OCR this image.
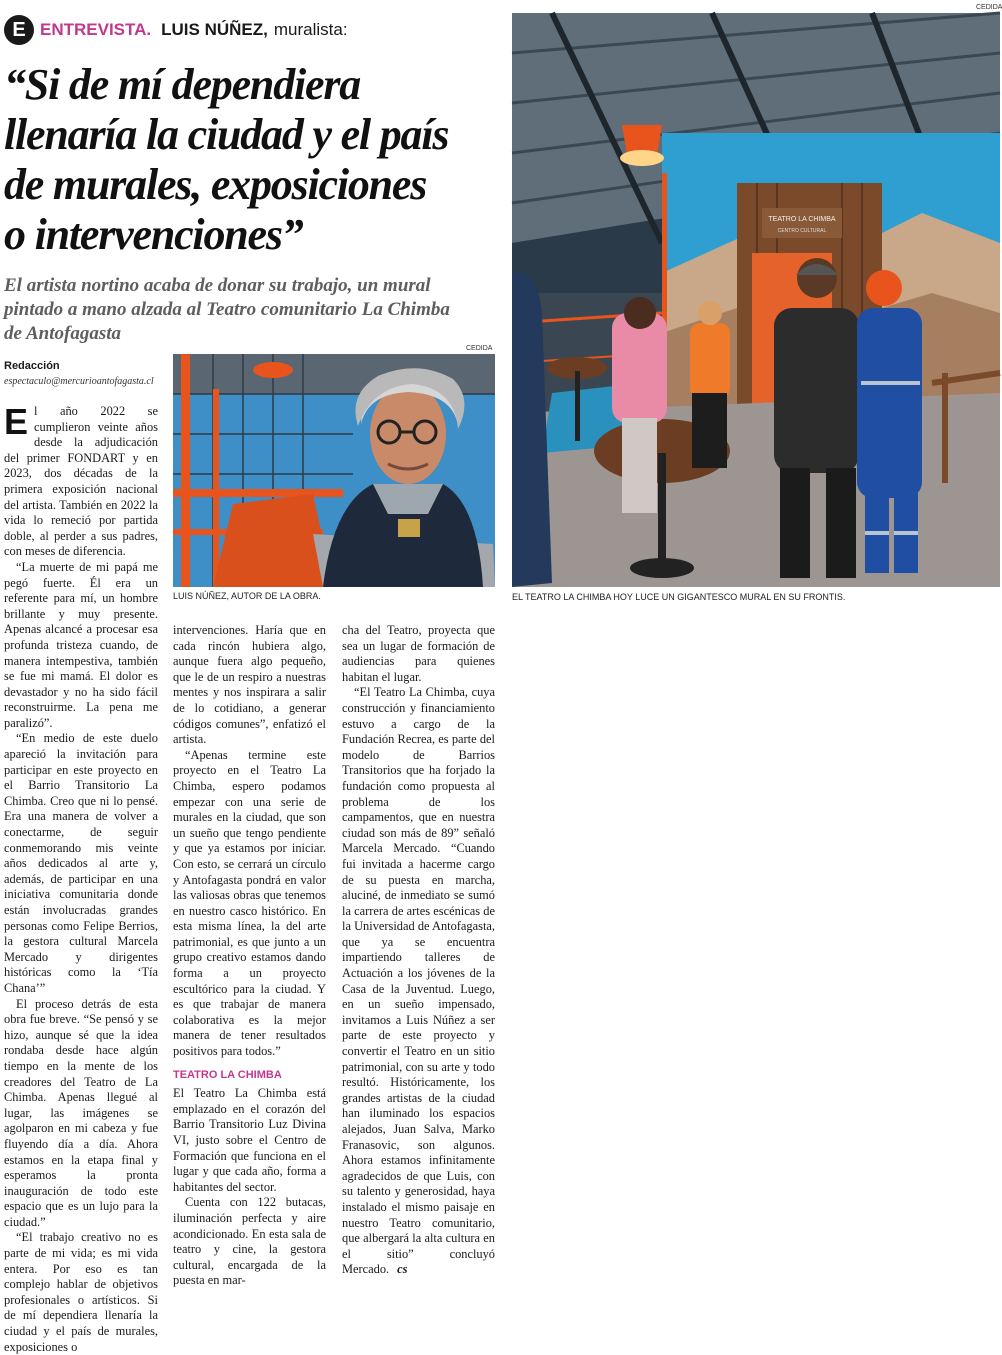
E ENTREVISTA. LUIS NÚÑEZ, muralista:
“Si de mí dependiera
llenaría la ciudad y el país
de murales, exposiciones
o intervenciones”
El artista nortino acaba de donar su trabajo, un mural
pintado a mano alzada al Teatro comunitario La Chimba
de Antofagasta
Redacción
espectaculo@mercurioantofagasta.cl
CEDIDA
TEATRO LA CHIMBA
CENTRO CULTURAL
EL TEATRO LA CHIMBA HOY LUCE UN GIGANTESCO MURAL EN SU FRONTIS.
CEDIDA
LUIS NÚÑEZ, AUTOR DE LA OBRA.

El año 2022 se cumplieron veinte años desde la adjudicación del primer FONDART y en 2023, dos décadas de la primera exposición nacional del artista. También en 2022 la vida lo remeció por partida doble, al perder a sus padres, con meses de diferencia.

“La muerte de mi papá me pegó fuerte. Él era un referente para mí, un hombre brillante y muy presente. Apenas alcancé a procesar esa profunda tristeza cuando, de manera intempestiva, también se fue mi mamá. El dolor es devastador y no ha sido fácil reconstruirme. La pena me paralizó”.

“En medio de este duelo apareció la invitación para participar en este proyecto en el Barrio Transitorio La Chimba. Creo que ni lo pensé. Era una manera de volver a conectarme, de seguir conmemorando mis veinte años dedicados al arte y, además, de participar en una iniciativa comunitaria donde están involucradas grandes personas como Felipe Berrios, la gestora cultural Marcela Mercado y dirigentes históricas como la ‘Tía Chana’”

El proceso detrás de esta obra fue breve. “Se pensó y se hizo, aunque sé que la idea rondaba desde hace algún tiempo en la mente de los creadores del Teatro de La Chimba. Apenas llegué al lugar, las imágenes se agolparon en mi cabeza y fue fluyendo día a día. Ahora estamos en la etapa final y esperamos la pronta inauguración de todo este espacio que es un lujo para la ciudad.”

“El trabajo creativo no es parte de mi vida; es mi vida entera. Por eso es tan complejo hablar de objetivos profesionales o artísticos. Si de mí dependiera llenaría la ciudad y el país de murales, exposiciones o

intervenciones. Haría que en cada rincón hubiera algo, aunque fuera algo pequeño, que le de un respiro a nuestras mentes y nos inspirara a salir de lo cotidiano, a generar códigos comunes”, enfatizó el artista.

“Apenas termine este proyecto en el Teatro La Chimba, espero podamos empezar con una serie de murales en la ciudad, que son un sueño que tengo pendiente y que ya estamos por iniciar. Con esto, se cerrará un círculo y Antofagasta pondrá en valor las valiosas obras que tenemos en nuestro casco histórico. En esta misma línea, la del arte patrimonial, es que junto a un grupo creativo estamos dando forma a un proyecto escultórico para la ciudad. Y es que trabajar de manera colaborativa es la mejor manera de tener resultados positivos para todos.”

TEATRO LA CHIMBA

El Teatro La Chimba está emplazado en el corazón del Barrio Transitorio Luz Divina VI, justo sobre el Centro de Formación que funciona en el lugar y que cada año, forma a habitantes del sector.

Cuenta con 122 butacas, iluminación perfecta y aire acondicionado. En esta sala de teatro y cine, la gestora cultural, encargada de la puesta en mar-

cha del Teatro, proyecta que sea un lugar de formación de audiencias para quienes habitan el lugar.

“El Teatro La Chimba, cuya construcción y financiamiento estuvo a cargo de la Fundación Recrea, es parte del modelo de Barrios Transitorios que ha forjado la fundación como propuesta al problema de los campamentos, que en nuestra ciudad son más de 89” señaló Marcela Mercado. “Cuando fui invitada a hacerme cargo de su puesta en marcha, aluciné, de inmediato se sumó la carrera de artes escénicas de la Universidad de Antofagasta, que ya se encuentra impartiendo talleres de Actuación a los jóvenes de la Casa de la Juventud. Luego, en un sueño impensado, invitamos a Luis Núñez a ser parte de este proyecto y convertir el Teatro en un sitio patrimonial, con su arte y todo resultó. Históricamente, los grandes artistas de la ciudad han iluminado los espacios alejados, Juan Salva, Marko Franasovic, son algunos. Ahora estamos infinitamente agradecidos de que Luis, con su talento y generosidad, haya instalado el mismo paisaje en nuestro Teatro comunitario, que albergará la alta cultura en el sitio” concluyó Mercado. cs
